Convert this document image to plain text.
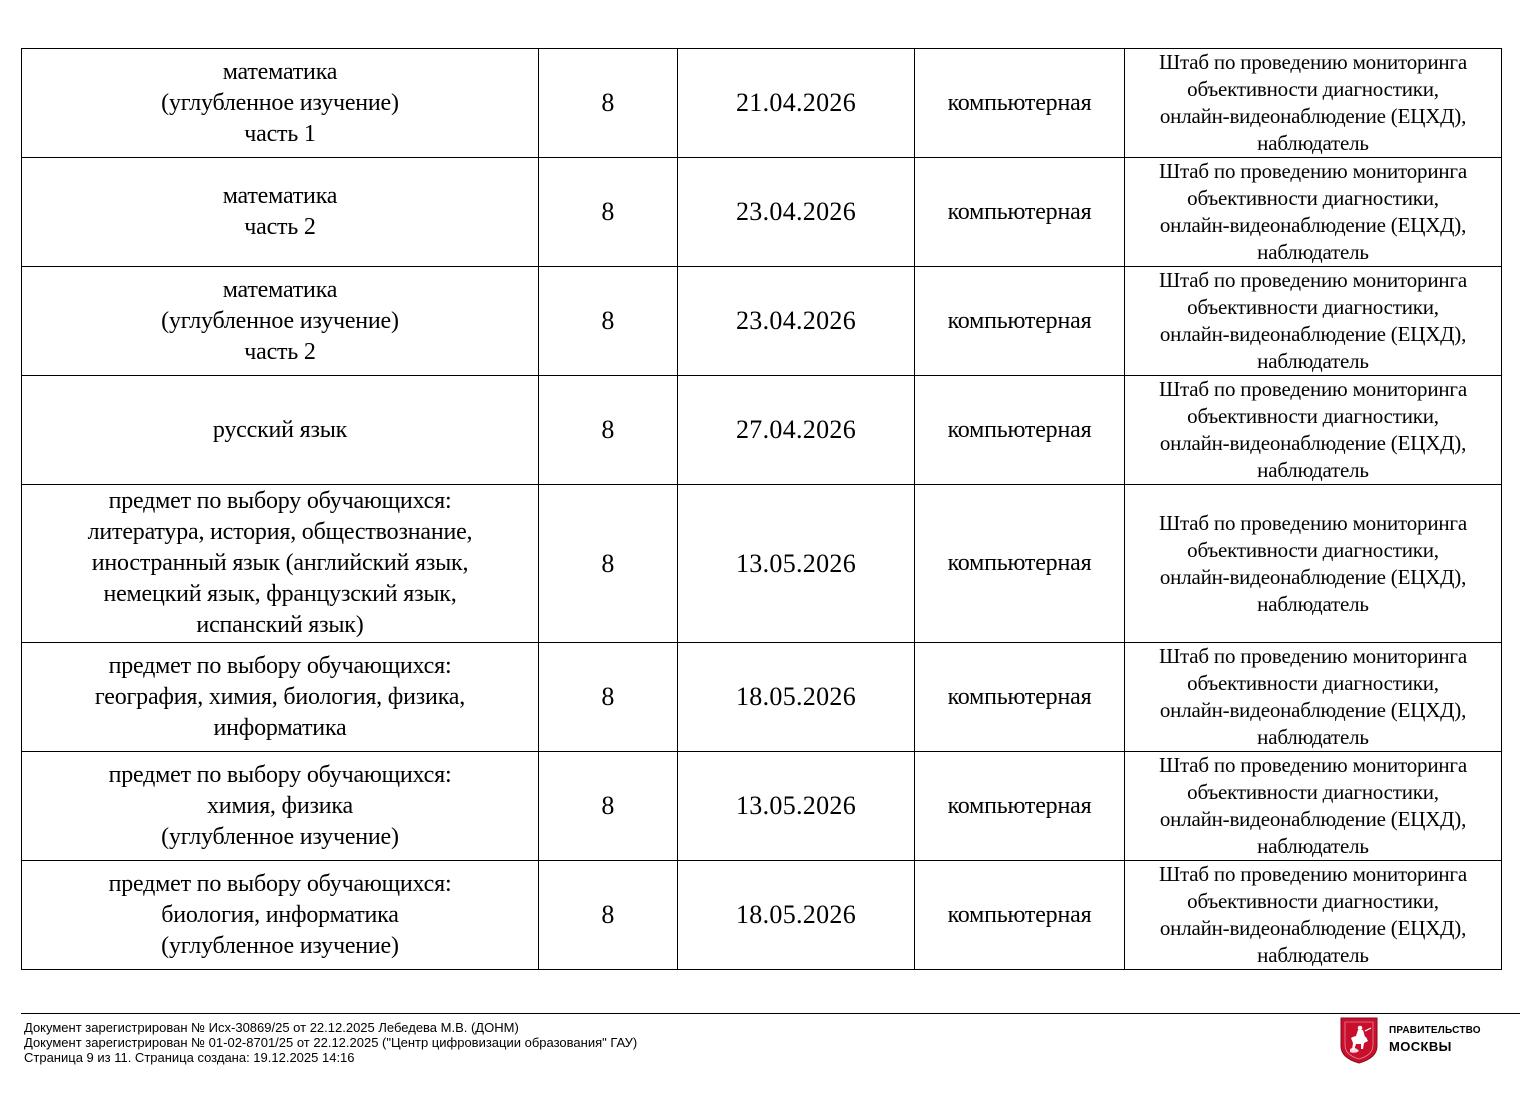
математика
(углубленное изучение)
часть 1	8	21.04.2026	компьютерная	Штаб по проведению мониторинга
объективности диагностики,
онлайн-видеонаблюдение (ЕЦХД),
наблюдатель

математика
часть 2	8	23.04.2026	компьютерная	Штаб по проведению мониторинга
объективности диагностики,
онлайн-видеонаблюдение (ЕЦХД),
наблюдатель

математика
(углубленное изучение)
часть 2	8	23.04.2026	компьютерная	Штаб по проведению мониторинга
объективности диагностики,
онлайн-видеонаблюдение (ЕЦХД),
наблюдатель

русский язык	8	27.04.2026	компьютерная	Штаб по проведению мониторинга
объективности диагностики,
онлайн-видеонаблюдение (ЕЦХД),
наблюдатель

предмет по выбору обучающихся:
литература, история, обществознание,
иностранный язык (английский язык,
немецкий язык, французский язык,
испанский язык)	8	13.05.2026	компьютерная	Штаб по проведению мониторинга
объективности диагностики,
онлайн-видеонаблюдение (ЕЦХД),
наблюдатель

предмет по выбору обучающихся:
география, химия, биология, физика,
информатика	8	18.05.2026	компьютерная	Штаб по проведению мониторинга
объективности диагностики,
онлайн-видеонаблюдение (ЕЦХД),
наблюдатель

предмет по выбору обучающихся:
химия, физика
(углубленное изучение)	8	13.05.2026	компьютерная	Штаб по проведению мониторинга
объективности диагностики,
онлайн-видеонаблюдение (ЕЦХД),
наблюдатель

предмет по выбору обучающихся:
биология, информатика
(углубленное изучение)	8	18.05.2026	компьютерная	Штаб по проведению мониторинга
объективности диагностики,
онлайн-видеонаблюдение (ЕЦХД),
наблюдатель
Документ зарегистрирован № Исх-30869/25 от 22.12.2025 Лебедева М.В. (ДОНМ)
Документ зарегистрирован № 01-02-8701/25 от 22.12.2025 ("Центр цифровизации образования" ГАУ)
Страница 9 из 11. Страница создана: 19.12.2025 14:16
ПРАВИТЕЛЬСТВО
МОСКВЫ
